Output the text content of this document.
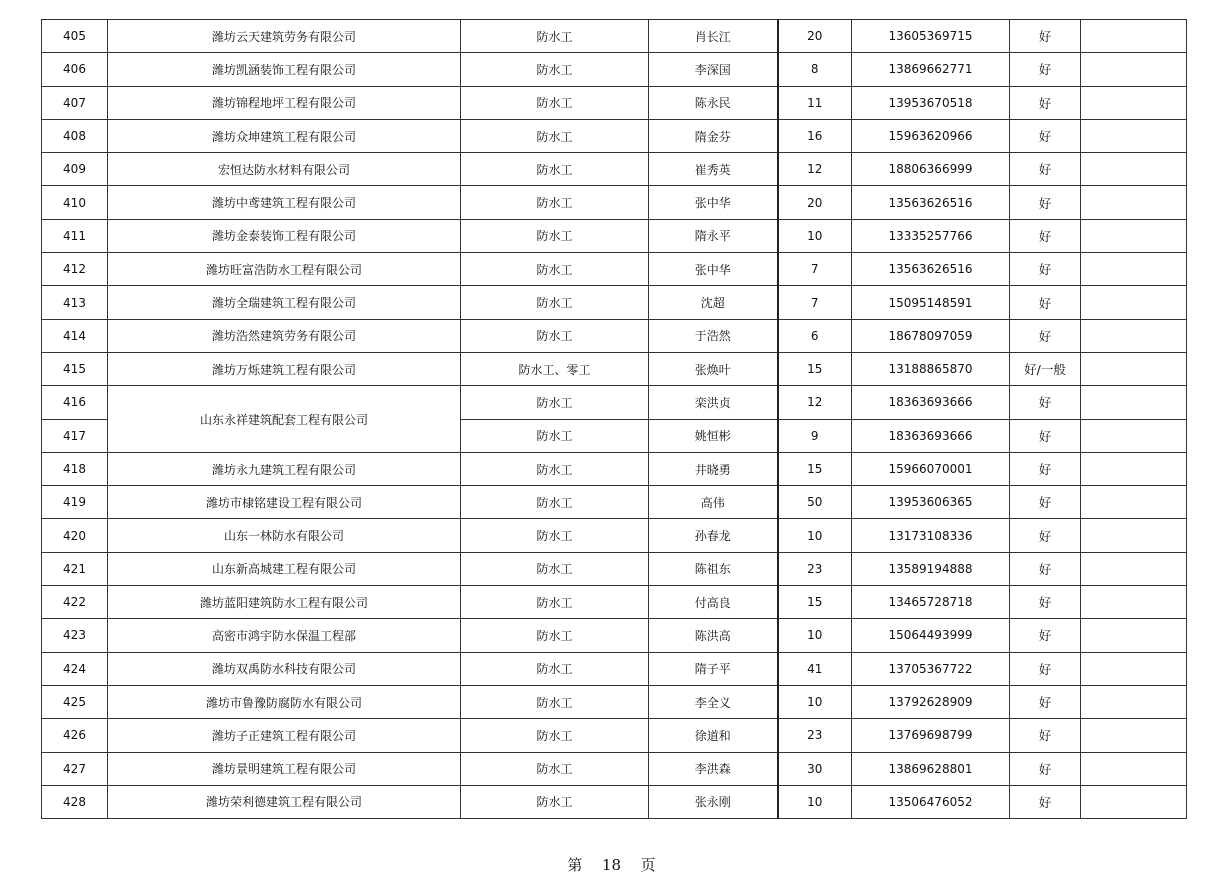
405	潍坊云天建筑劳务有限公司	防水工	肖长江	20	13605369715	好	
406	潍坊凯涵装饰工程有限公司	防水工	李深国	8	13869662771	好	
407	潍坊锦程地坪工程有限公司	防水工	陈永民	11	13953670518	好	
408	潍坊众坤建筑工程有限公司	防水工	隋金芬	16	15963620966	好	
409	宏恒达防水材料有限公司	防水工	崔秀英	12	18806366999	好	
410	潍坊中鸢建筑工程有限公司	防水工	张中华	20	13563626516	好	
411	潍坊金泰装饰工程有限公司	防水工	隋永平	10	13335257766	好	
412	潍坊旺富浩防水工程有限公司	防水工	张中华	7	13563626516	好	
413	潍坊全瑞建筑工程有限公司	防水工	沈超	7	15095148591	好	
414	潍坊浩然建筑劳务有限公司	防水工	于浩然	6	18678097059	好	
415	潍坊万烁建筑工程有限公司	防水工、零工	张焕叶	15	13188865870	好/一般	
416	山东永祥建筑配套工程有限公司	防水工	栾洪贞	12	18363693666	好	
417		防水工	姚恒彬	9	18363693666	好	
418	潍坊永九建筑工程有限公司	防水工	井晓勇	15	15966070001	好	
419	潍坊市棣铭建设工程有限公司	防水工	高伟	50	13953606365	好	
420	山东一林防水有限公司	防水工	孙春龙	10	13173108336	好	
421	山东新高城建工程有限公司	防水工	陈祖东	23	13589194888	好	
422	潍坊蓝阳建筑防水工程有限公司	防水工	付高良	15	13465728718	好	
423	高密市鸿宇防水保温工程部	防水工	陈洪高	10	15064493999	好	
424	潍坊双禹防水科技有限公司	防水工	隋子平	41	13705367722	好	
425	潍坊市鲁豫防腐防水有限公司	防水工	李全义	10	13792628909	好	
426	潍坊子正建筑工程有限公司	防水工	徐道和	23	13769698799	好	
427	潍坊景明建筑工程有限公司	防水工	李洪森	30	13869628801	好	
428	潍坊荣利德建筑工程有限公司	防水工	张永刚	10	13506476052	好	
第 18 页
